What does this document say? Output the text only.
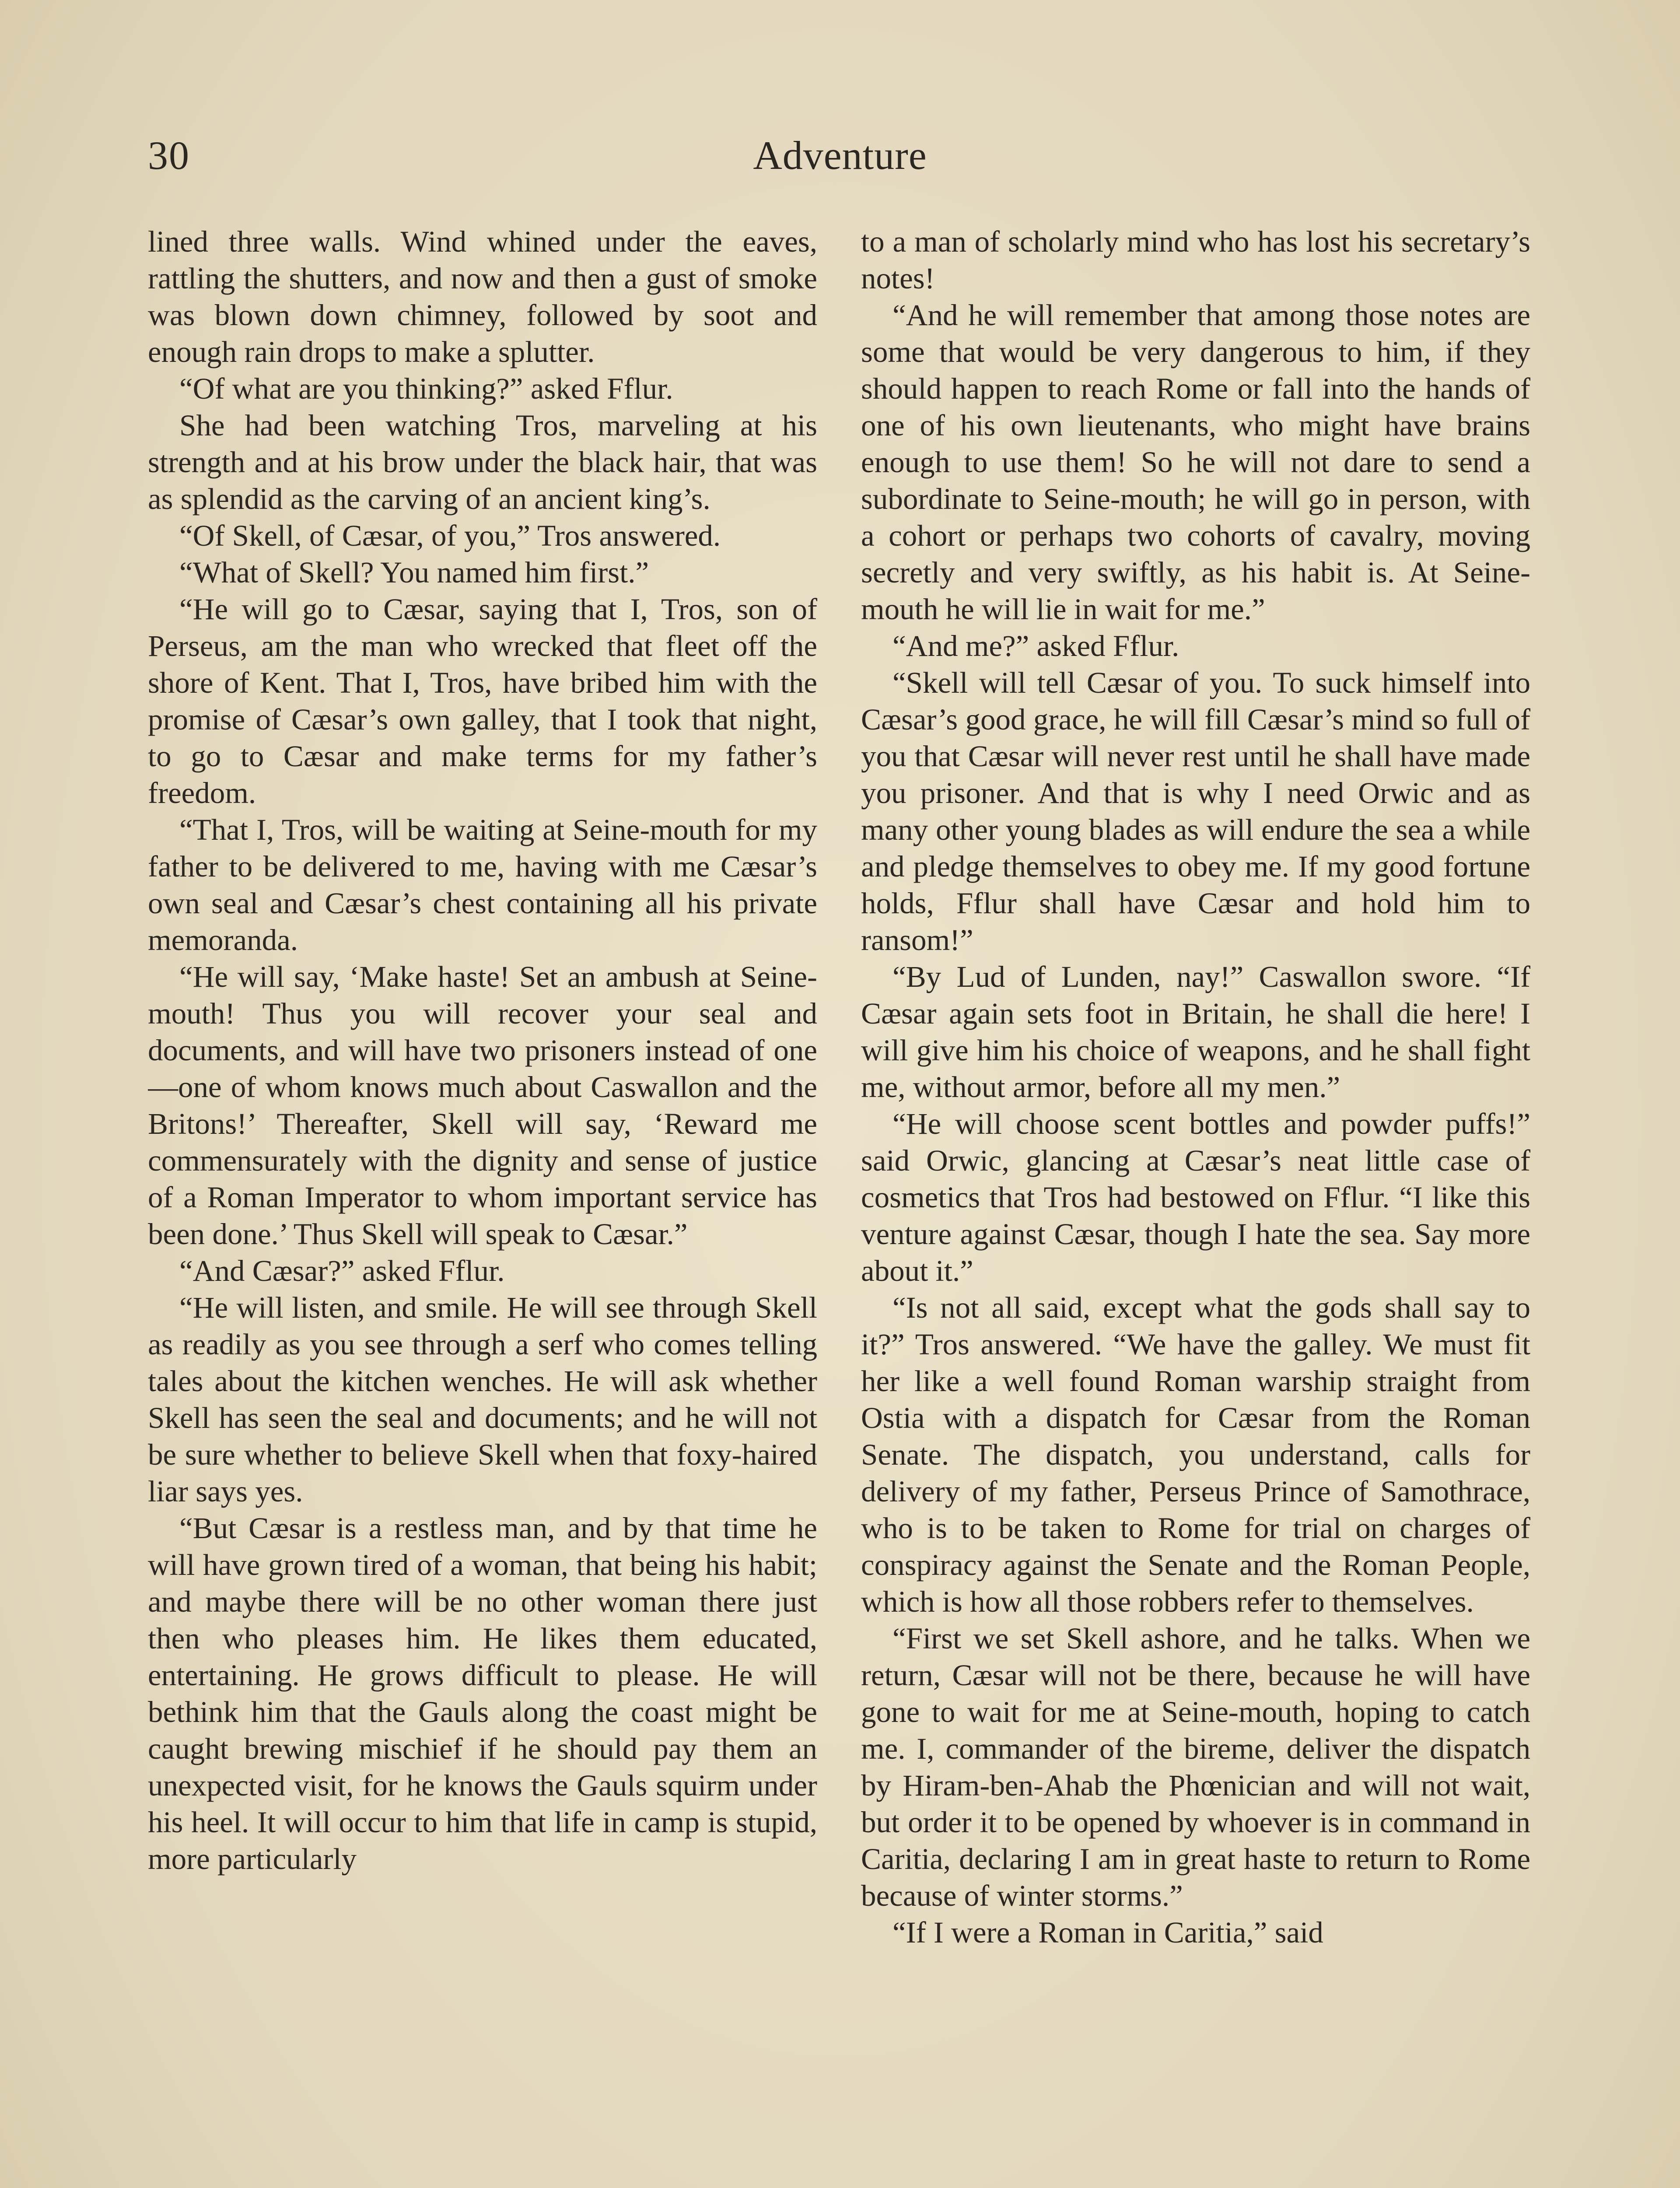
30	Adventure

lined three walls. Wind whined under the eaves, rattling the shutters, and now and then a gust of smoke was blown down chimney, followed by soot and enough rain drops to make a splutter.

“Of what are you thinking?” asked Fflur.

She had been watching Tros, marveling at his strength and at his brow under the black hair, that was as splendid as the carving of an ancient king’s.

“Of Skell, of Cæsar, of you,” Tros answered.

“What of Skell? You named him first.”

“He will go to Cæsar, saying that I, Tros, son of Perseus, am the man who wrecked that fleet off the shore of Kent. That I, Tros, have bribed him with the promise of Cæsar’s own galley, that I took that night, to go to Cæsar and make terms for my father’s freedom.

“That I, Tros, will be waiting at Seine-mouth for my father to be delivered to me, having with me Cæsar’s own seal and Cæsar’s chest containing all his private memoranda.

“He will say, ‘Make haste! Set an ambush at Seine-mouth! Thus you will recover your seal and documents, and will have two prisoners instead of one—one of whom knows much about Caswallon and the Britons!’ Thereafter, Skell will say, ‘Reward me commensurately with the dignity and sense of justice of a Roman Imperator to whom important service has been done.’ Thus Skell will speak to Cæsar.”

“And Cæsar?” asked Fflur.

“He will listen, and smile. He will see through Skell as readily as you see through a serf who comes telling tales about the kitchen wenches. He will ask whether Skell has seen the seal and documents; and he will not be sure whether to believe Skell when that foxy-haired liar says yes.

“But Cæsar is a restless man, and by that time he will have grown tired of a woman, that being his habit; and maybe there will be no other woman there just then who pleases him. He likes them educated, entertaining. He grows difficult to please. He will bethink him that the Gauls along the coast might be caught brewing mischief if he should pay them an unexpected visit, for he knows the Gauls squirm under his heel. It will occur to him that life in camp is stupid, more particularly

to a man of scholarly mind who has lost his secretary’s notes!

“And he will remember that among those notes are some that would be very dangerous to him, if they should happen to reach Rome or fall into the hands of one of his own lieutenants, who might have brains enough to use them! So he will not dare to send a subordinate to Seine-mouth; he will go in person, with a cohort or perhaps two cohorts of cavalry, moving secretly and very swiftly, as his habit is. At Seine-mouth he will lie in wait for me.”

“And me?” asked Fflur.

“Skell will tell Cæsar of you. To suck himself into Cæsar’s good grace, he will fill Cæsar’s mind so full of you that Cæsar will never rest until he shall have made you prisoner. And that is why I need Orwic and as many other young blades as will endure the sea a while and pledge themselves to obey me. If my good fortune holds, Fflur shall have Cæsar and hold him to ransom!”

“By Lud of Lunden, nay!” Caswallon swore. “If Cæsar again sets foot in Britain, he shall die here! I will give him his choice of weapons, and he shall fight me, without armor, before all my men.”

“He will choose scent bottles and powder puffs!” said Orwic, glancing at Cæsar’s neat little case of cosmetics that Tros had bestowed on Fflur. “I like this venture against Cæsar, though I hate the sea. Say more about it.”

“Is not all said, except what the gods shall say to it?” Tros answered. “We have the galley. We must fit her like a well found Roman warship straight from Ostia with a dispatch for Cæsar from the Roman Senate. The dispatch, you understand, calls for delivery of my father, Perseus Prince of Samothrace, who is to be taken to Rome for trial on charges of conspiracy against the Senate and the Roman People, which is how all those robbers refer to themselves.

“First we set Skell ashore, and he talks. When we return, Cæsar will not be there, because he will have gone to wait for me at Seine-mouth, hoping to catch me. I, commander of the bireme, deliver the dispatch by Hiram-ben-Ahab the Phœnician and will not wait, but order it to be opened by whoever is in command in Caritia, declaring I am in great haste to return to Rome because of winter storms.”

“If I were a Roman in Caritia,” said
